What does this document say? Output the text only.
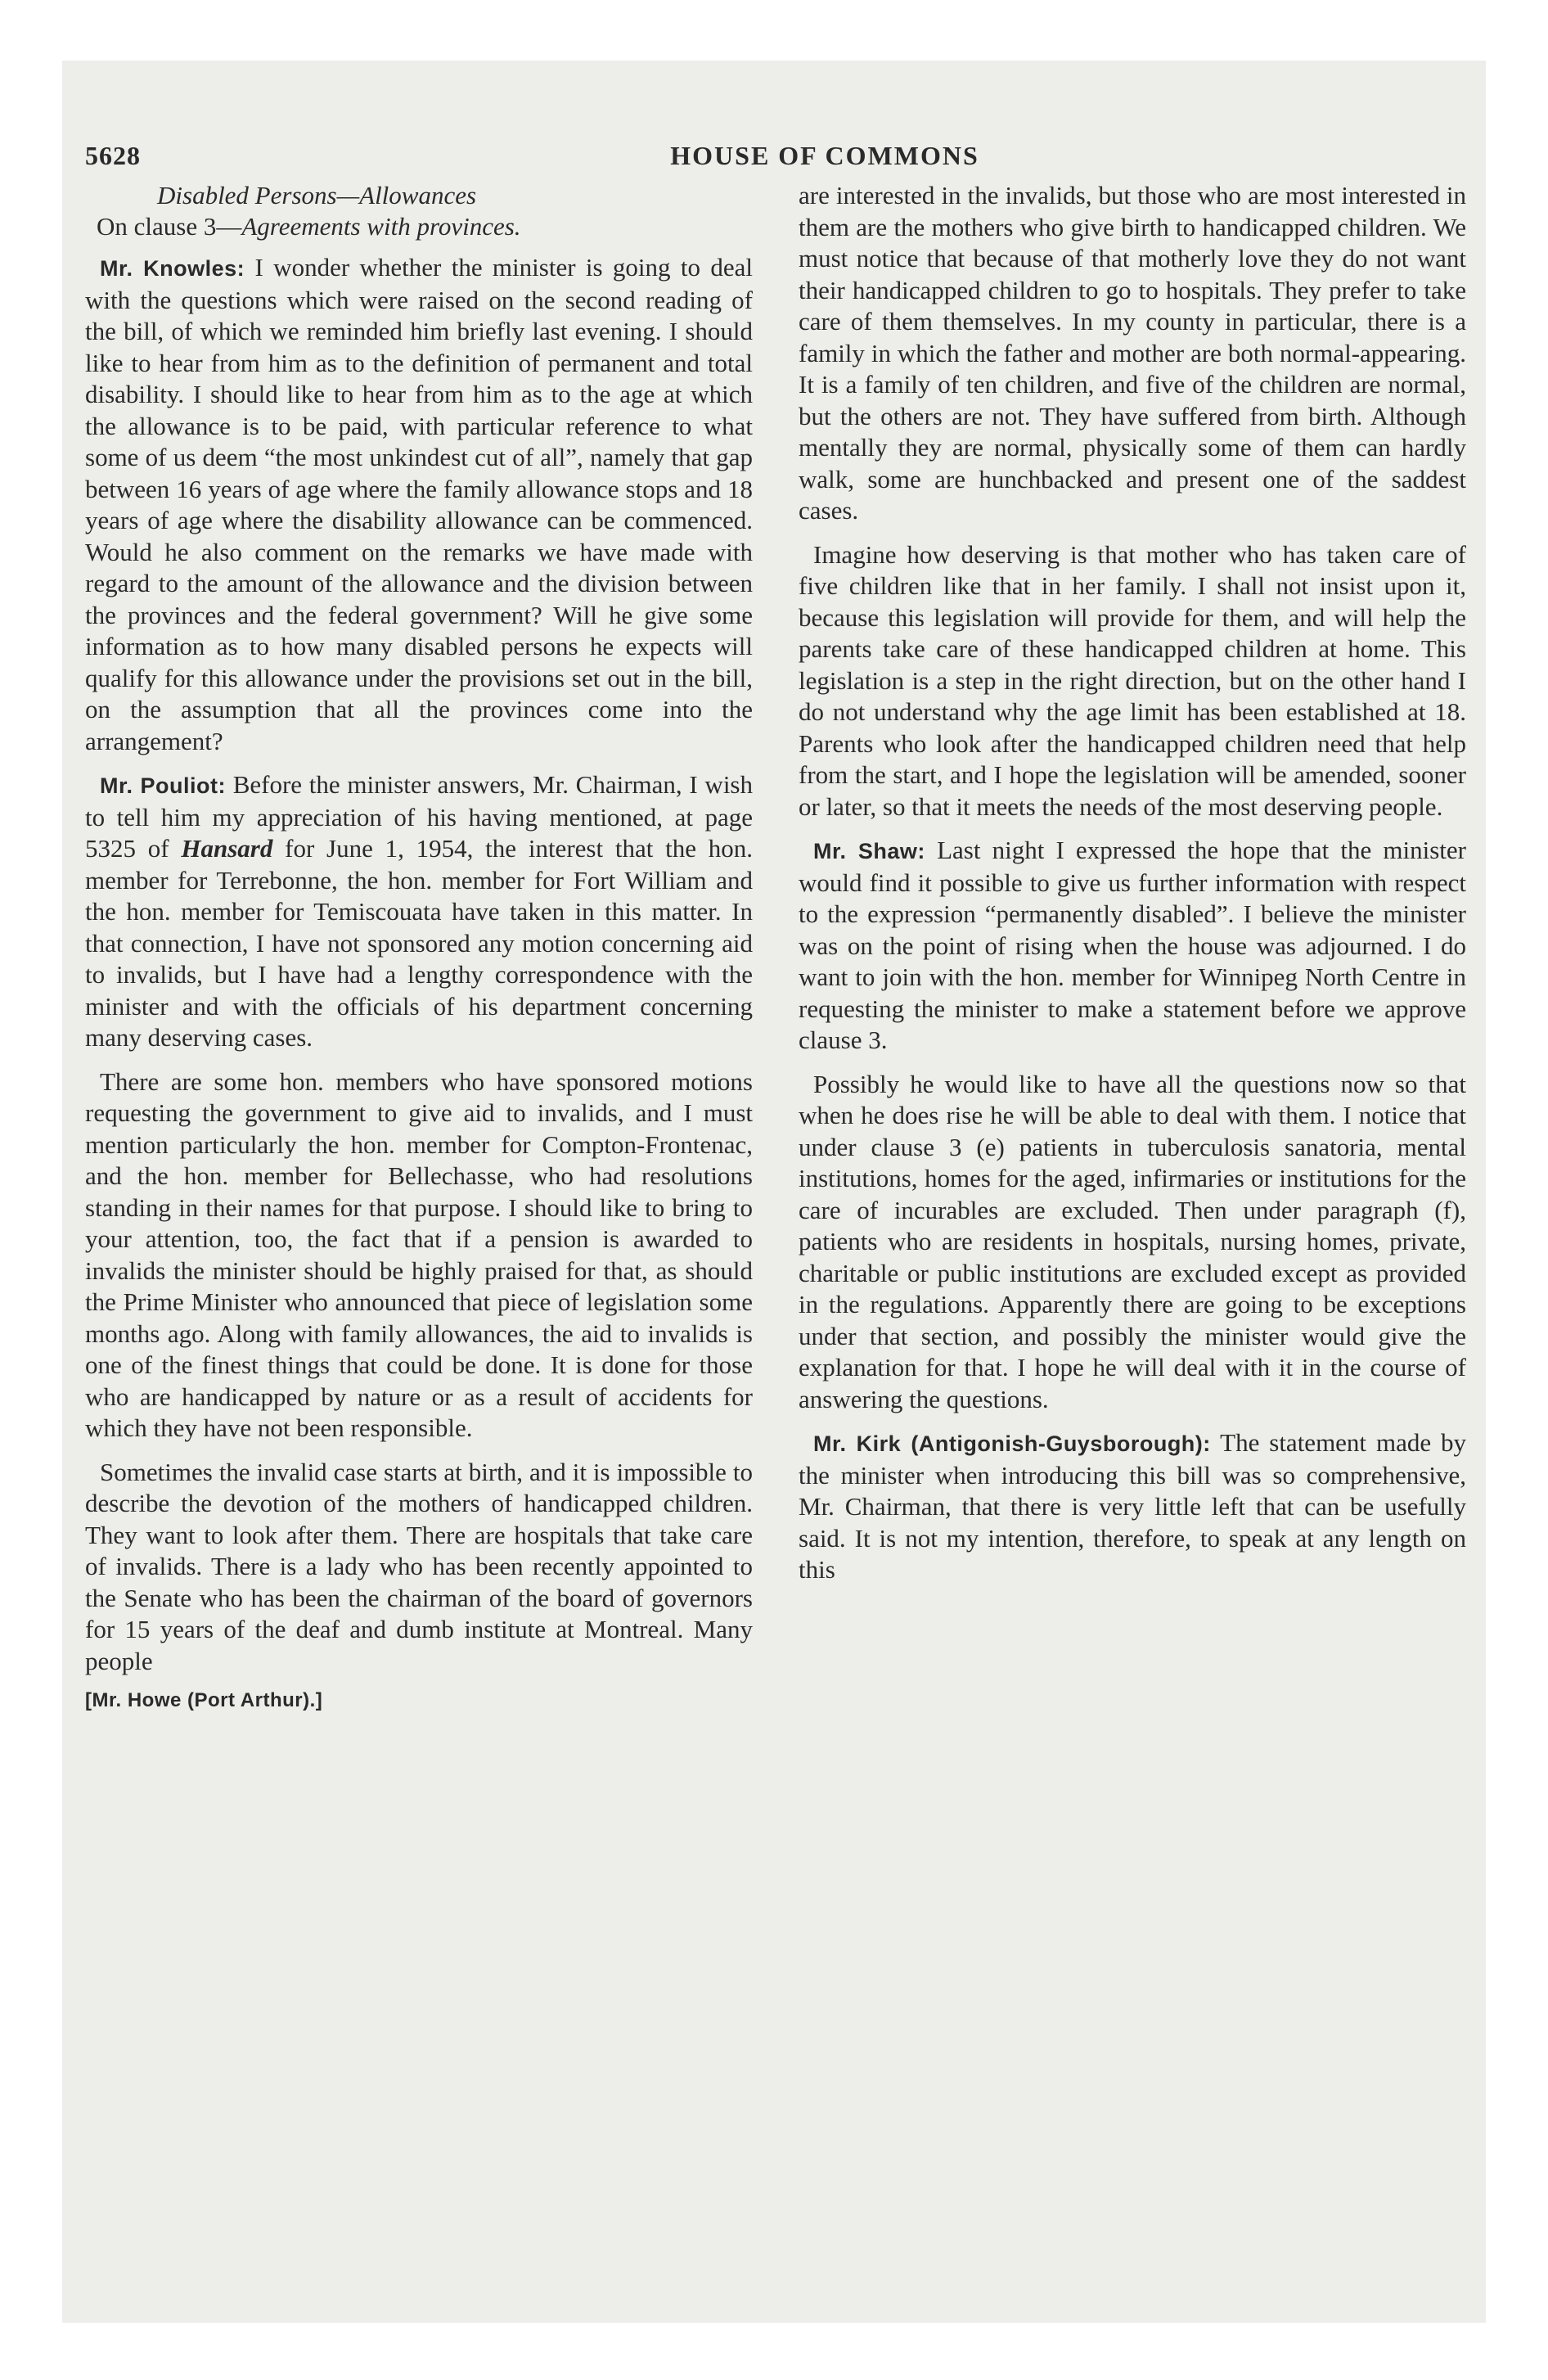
5628	HOUSE OF COMMONS
Disabled Persons—Allowances
On clause 3—Agreements with provinces.

Mr. Knowles: I wonder whether the minister is going to deal with the questions which were raised on the second reading of the bill, of which we reminded him briefly last evening. I should like to hear from him as to the definition of permanent and total disability. I should like to hear from him as to the age at which the allowance is to be paid, with particular reference to what some of us deem “the most unkindest cut of all”, namely that gap between 16 years of age where the family allowance stops and 18 years of age where the disability allowance can be commenced. Would he also comment on the remarks we have made with regard to the amount of the allowance and the division between the provinces and the federal government? Will he give some information as to how many disabled persons he expects will qualify for this allowance under the provisions set out in the bill, on the assumption that all the provinces come into the arrangement?

Mr. Pouliot: Before the minister answers, Mr. Chairman, I wish to tell him my appreciation of his having mentioned, at page 5325 of Hansard for June 1, 1954, the interest that the hon. member for Terrebonne, the hon. member for Fort William and the hon. member for Temiscouata have taken in this matter. In that connection, I have not sponsored any motion concerning aid to invalids, but I have had a lengthy correspondence with the minister and with the officials of his department concerning many deserving cases.

There are some hon. members who have sponsored motions requesting the government to give aid to invalids, and I must mention particularly the hon. member for Compton-Frontenac, and the hon. member for Bellechasse, who had resolutions standing in their names for that purpose. I should like to bring to your attention, too, the fact that if a pension is awarded to invalids the minister should be highly praised for that, as should the Prime Minister who announced that piece of legislation some months ago. Along with family allowances, the aid to invalids is one of the finest things that could be done. It is done for those who are handicapped by nature or as a result of accidents for which they have not been responsible.

Sometimes the invalid case starts at birth, and it is impossible to describe the devotion of the mothers of handicapped children. They want to look after them. There are hospitals that take care of invalids. There is a lady who has been recently appointed to the Senate who has been the chairman of the board of governors for 15 years of the deaf and dumb institute at Montreal. Many people

[Mr. Howe (Port Arthur).]

are interested in the invalids, but those who are most interested in them are the mothers who give birth to handicapped children. We must notice that because of that motherly love they do not want their handicapped children to go to hospitals. They prefer to take care of them themselves. In my county in particular, there is a family in which the father and mother are both normal-appearing. It is a family of ten children, and five of the children are normal, but the others are not. They have suffered from birth. Although mentally they are normal, physically some of them can hardly walk, some are hunchbacked and present one of the saddest cases.

Imagine how deserving is that mother who has taken care of five children like that in her family. I shall not insist upon it, because this legislation will provide for them, and will help the parents take care of these handicapped children at home. This legislation is a step in the right direction, but on the other hand I do not understand why the age limit has been established at 18. Parents who look after the handicapped children need that help from the start, and I hope the legislation will be amended, sooner or later, so that it meets the needs of the most deserving people.

Mr. Shaw: Last night I expressed the hope that the minister would find it possible to give us further information with respect to the expression “permanently disabled”. I believe the minister was on the point of rising when the house was adjourned. I do want to join with the hon. member for Winnipeg North Centre in requesting the minister to make a statement before we approve clause 3.

Possibly he would like to have all the questions now so that when he does rise he will be able to deal with them. I notice that under clause 3 (e) patients in tuberculosis sanatoria, mental institutions, homes for the aged, infirmaries or institutions for the care of incurables are excluded. Then under paragraph (f), patients who are residents in hospitals, nursing homes, private, charitable or public institutions are excluded except as provided in the regulations. Apparently there are going to be exceptions under that section, and possibly the minister would give the explanation for that. I hope he will deal with it in the course of answering the questions.

Mr. Kirk (Antigonish-Guysborough): The statement made by the minister when introducing this bill was so comprehensive, Mr. Chairman, that there is very little left that can be usefully said. It is not my intention, therefore, to speak at any length on this
